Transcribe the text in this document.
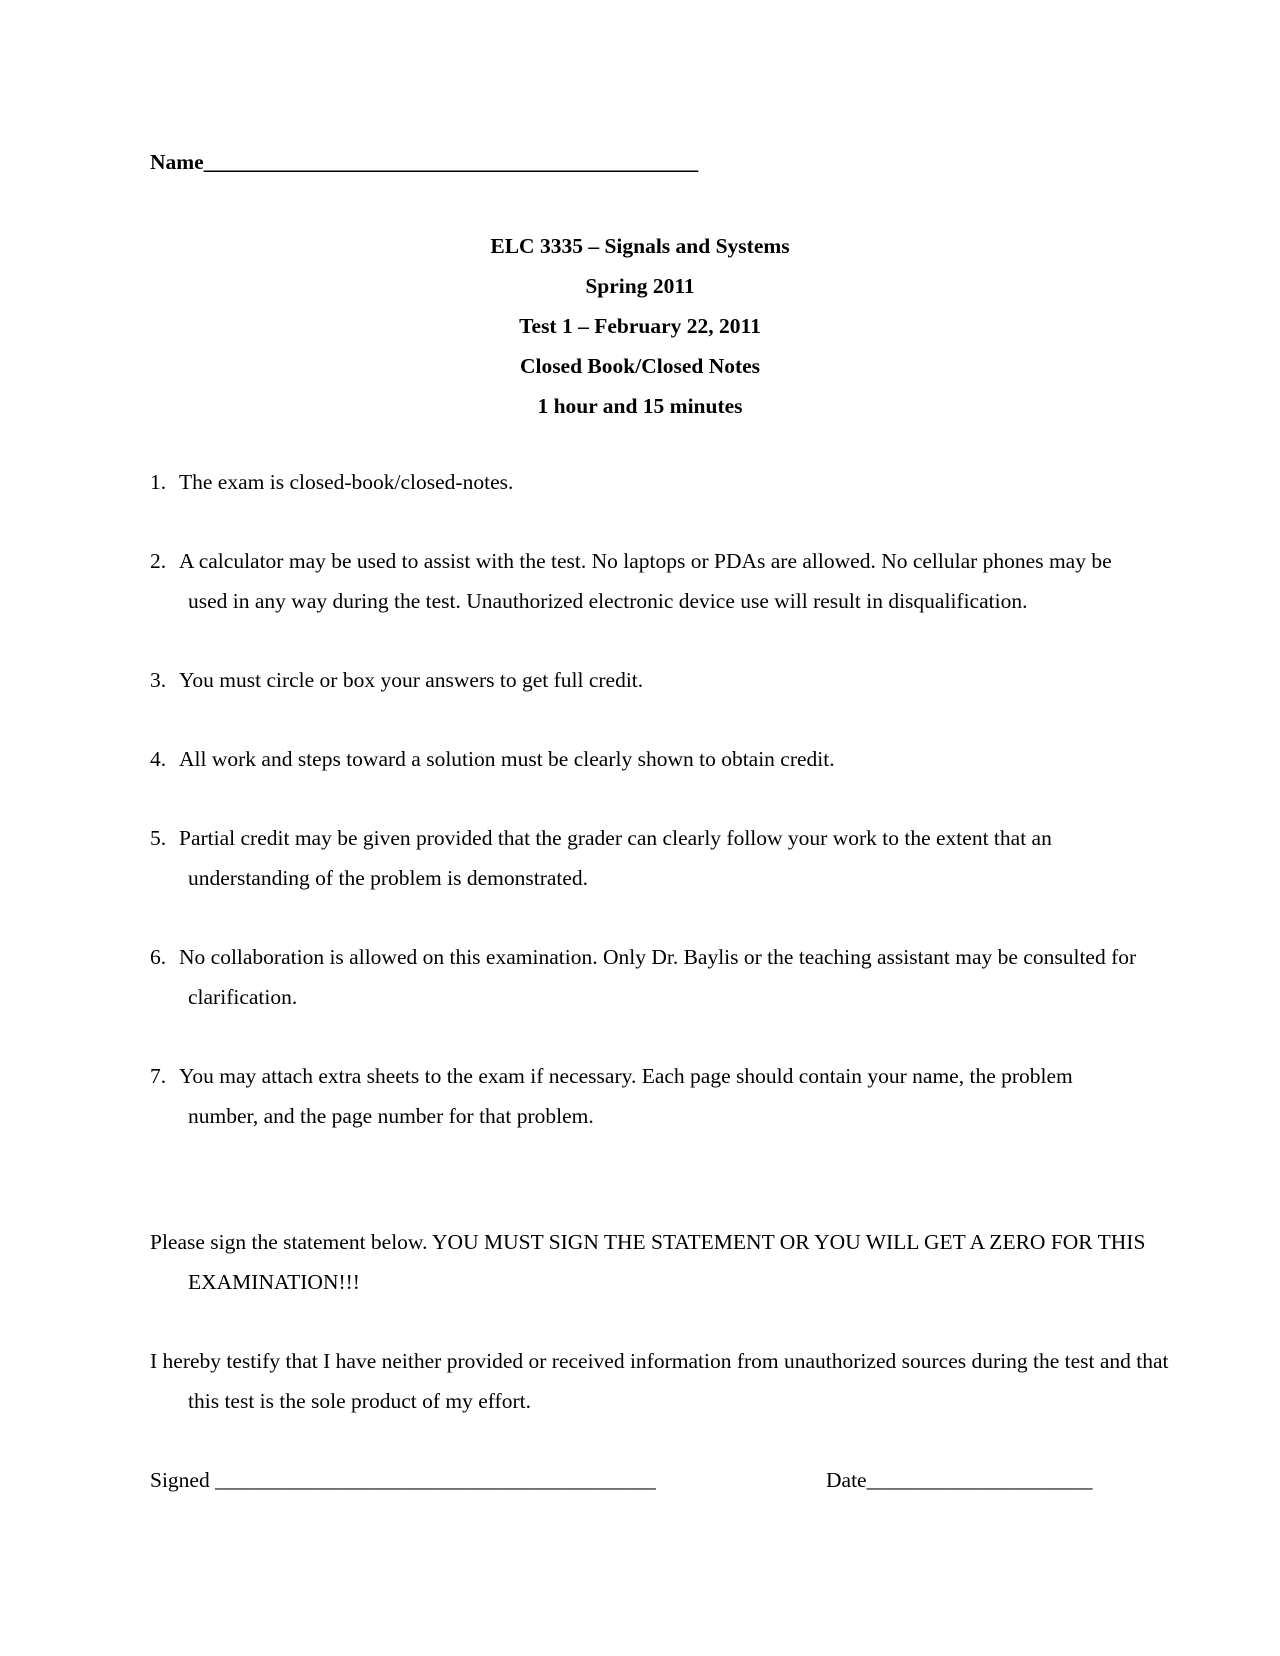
Name______________________________________________
ELC 3335 – Signals and Systems
Spring 2011
Test 1 – February 22, 2011
Closed Book/Closed Notes
1 hour and 15 minutes
1. The exam is closed-book/closed-notes.
2. A calculator may be used to assist with the test. No laptops or PDAs are allowed. No cellular phones may be used in any way during the test. Unauthorized electronic device use will result in disqualification.
3. You must circle or box your answers to get full credit.
4. All work and steps toward a solution must be clearly shown to obtain credit.
5. Partial credit may be given provided that the grader can clearly follow your work to the extent that an understanding of the problem is demonstrated.
6. No collaboration is allowed on this examination. Only Dr. Baylis or the teaching assistant may be consulted for clarification.
7. You may attach extra sheets to the exam if necessary. Each page should contain your name, the problem number, and the page number for that problem.

Please sign the statement below. YOU MUST SIGN THE STATEMENT OR YOU WILL GET A ZERO FOR THIS EXAMINATION!!!

I hereby testify that I have neither provided or received information from unauthorized sources during the test and that this test is the sole product of my effort.

Signed _________________________________________	Date_____________________
